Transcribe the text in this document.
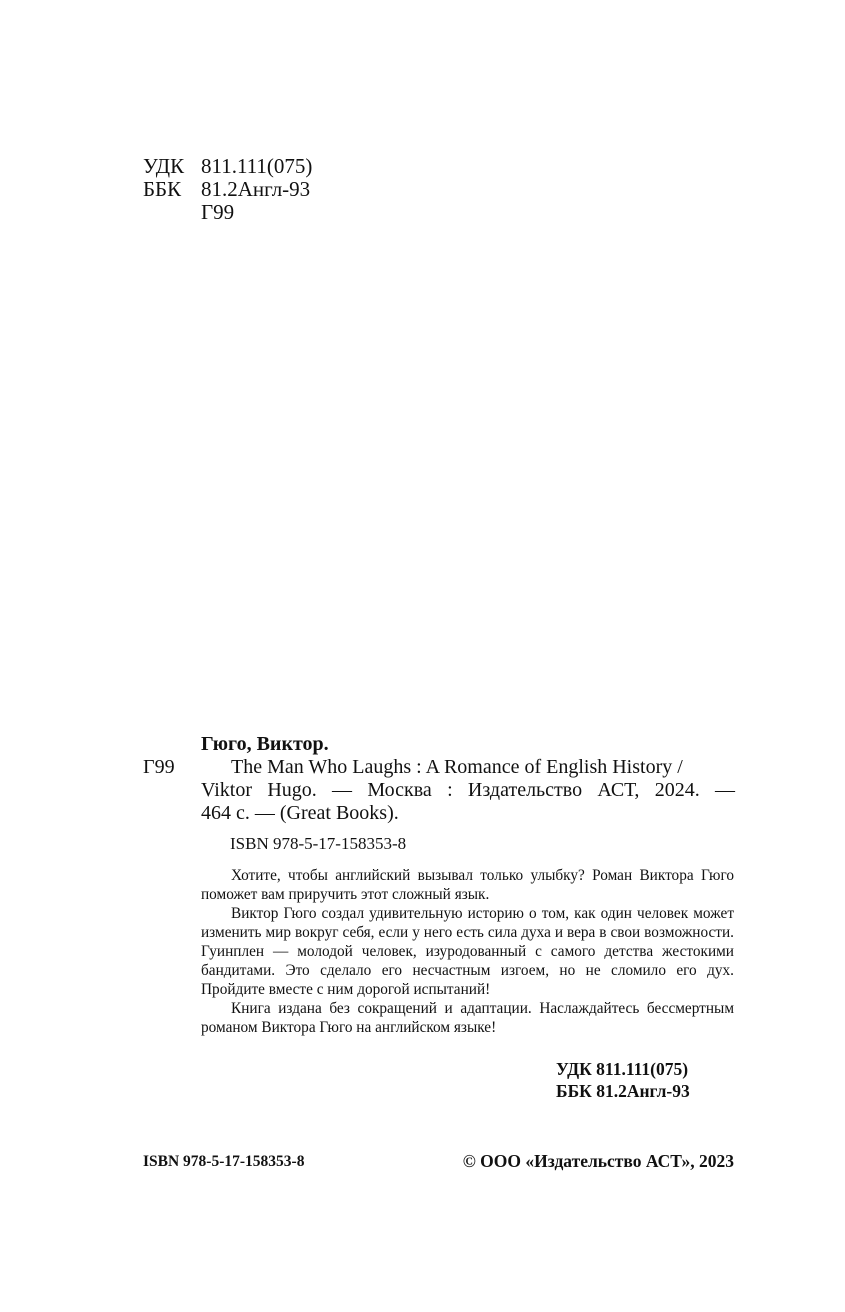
УДК 811.111(075)
ББК 81.2Англ-93
Г99
Гюго, Виктор.
Г99	The Man Who Laughs : A Romance of English History /
Viktor Hugo. — Москва : Издательство АСТ, 2024. —
464 с. — (Great Books).
ISBN 978-5-17-158353-8

Хотите, чтобы английский вызывал только улыбку? Роман Виктора Гюго поможет вам приручить этот сложный язык.

Виктор Гюго создал удивительную историю о том, как один человек может изменить мир вокруг себя, если у него есть сила духа и вера в свои возможности. Гуинплен — молодой человек, изуродованный с самого детства жестокими бандитами. Это сделало его несчастным изгоем, но не сломило его дух. Пройдите вместе с ним дорогой испытаний!

Книга издана без сокращений и адаптации. Наслаждайтесь бессмертным романом Виктора Гюго на английском языке!

УДК 811.111(075)
ББК 81.2Англ-93
ISBN 978-5-17-158353-8	© ООО «Издательство АСТ», 2023
